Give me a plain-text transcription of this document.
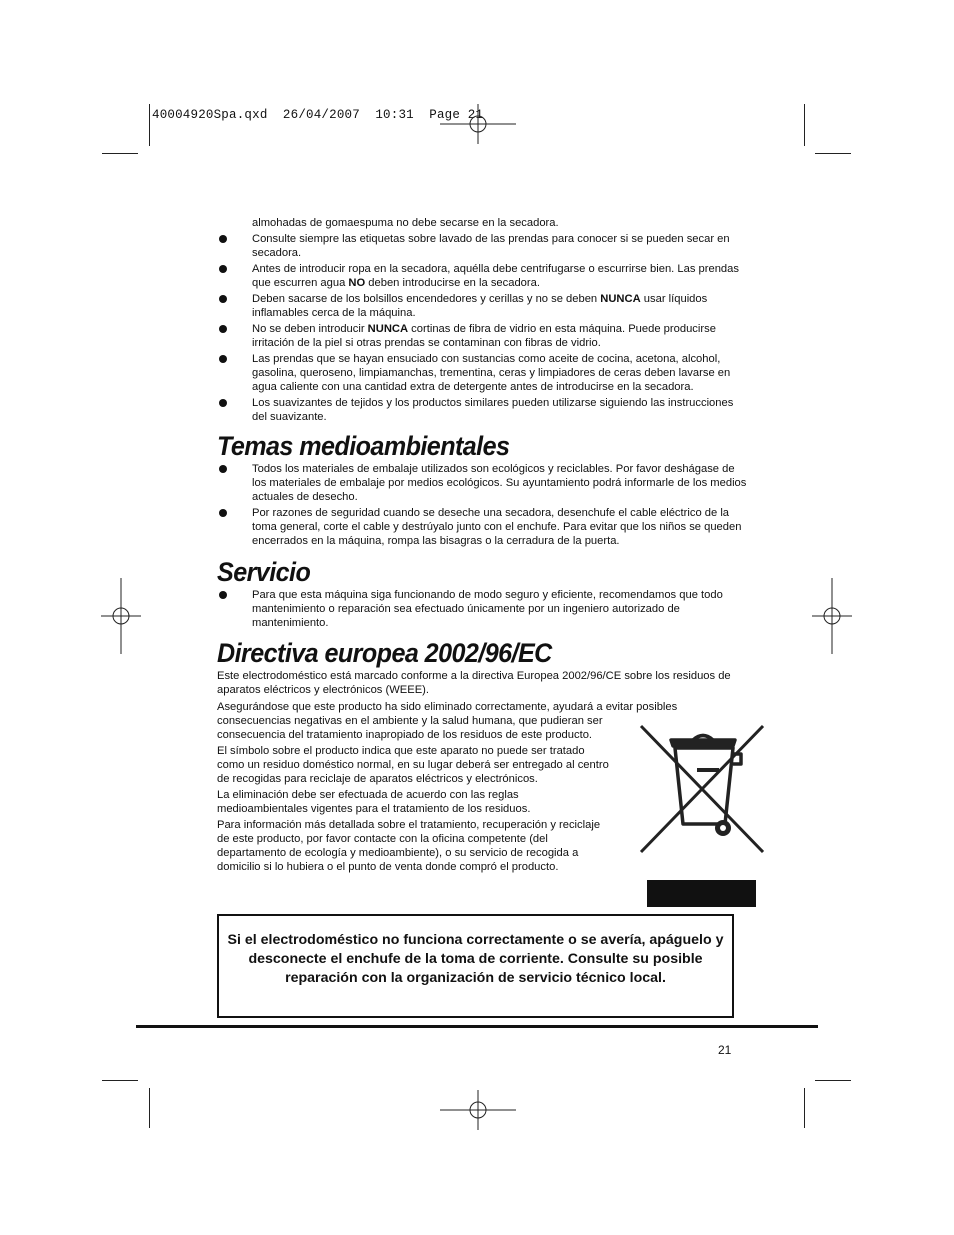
40004920Spa.qxd  26/04/2007  10:31  Page 21
almohadas de gomaespuma no debe secarse en la secadora.
Consulte siempre las etiquetas sobre lavado de las prendas para conocer si se pueden secar en secadora.
Antes de introducir ropa en la secadora, aquélla debe centrifugarse o escurrirse bien. Las prendas que escurren agua NO deben introducirse en la secadora.
Deben sacarse de los bolsillos encendedores y cerillas y no se deben NUNCA usar líquidos inflamables cerca de la máquina.
No se deben introducir NUNCA cortinas de fibra de vidrio en esta máquina. Puede producirse irritación de la piel si otras prendas se contaminan con fibras de vidrio.
Las prendas que se hayan ensuciado con sustancias como aceite de cocina, acetona, alcohol, gasolina, queroseno, limpiamanchas, trementina, ceras y limpiadores de ceras deben lavarse en agua caliente con una cantidad extra de detergente antes de introducirse en la secadora.
Los suavizantes de tejidos y los productos similares pueden utilizarse siguiendo las instrucciones del suavizante.
Temas medioambientales
Todos los materiales de embalaje utilizados son ecológicos y reciclables. Por favor deshágase de los materiales de embalaje por medios ecológicos. Su ayuntamiento podrá informarle de los medios actuales de desecho.
Por razones de seguridad cuando se deseche una secadora, desenchufe el cable eléctrico de la toma general, corte el cable y destrúyalo junto con el enchufe. Para evitar que los niños se queden encerrados en la máquina, rompa las bisagras o la cerradura de la puerta.
Servicio
Para que esta máquina siga funcionando de modo seguro y eficiente, recomendamos que todo mantenimiento o reparación sea efectuado únicamente por un ingeniero autorizado de mantenimiento.
Directiva europea 2002/96/EC

Este electrodoméstico está marcado conforme a la directiva Europea 2002/96/CE sobre los residuos de aparatos eléctricos y electrónicos (WEEE).

Asegurándose que este producto ha sido eliminado correctamente, ayudará a evitar posibles

consecuencias negativas en el ambiente y la salud humana, que pudieran ser consecuencia del tratamiento inapropiado de los residuos de este producto.

El símbolo sobre el producto indica que este aparato no puede ser tratado como un residuo doméstico normal, en su lugar deberá ser entregado al centro de recogidas para reciclaje de aparatos eléctricos y electrónicos.

La eliminación debe ser efectuada de acuerdo con las reglas medioambientales vigentes para el tratamiento de los residuos.

Para información más detallada sobre el tratamiento, recuperación y reciclaje de este producto, por favor contacte con la oficina competente (del departamento de ecología y medioambiente), o su servicio de recogida a domicilio si lo hubiera o el punto de venta donde compró el producto.

Si el electrodoméstico no funciona correctamente o se avería, apáguelo y desconecte el enchufe de la toma de corriente. Consulte su posible reparación con la organización de servicio técnico local.
21
